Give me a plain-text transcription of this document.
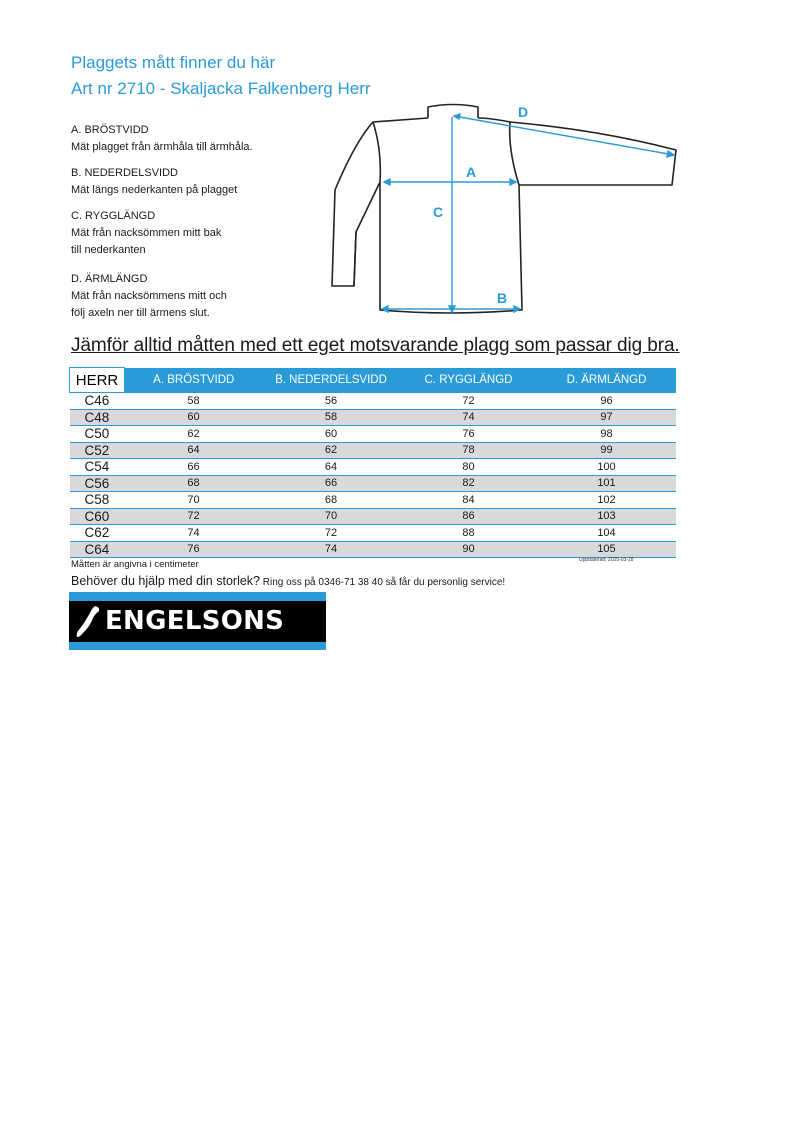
Plaggets mått finner du här
Art nr 2710 - Skaljacka Falkenberg Herr
A. BRÖSTVIDD
Mät plagget från ärmhåla till ärmhåla.
B. NEDERDELSVIDD
Mät längs nederkanten på plagget
C. RYGGLÄNGD
Mät från nacksömmen mitt bak
till nederkanten
D. ÄRMLÄNGD
Mät från nacksömmens mitt och
följ axeln ner till ärmens slut.
A
B
C
D
Jämför alltid måtten med ett eget motsvarande plagg som passar dig bra.
HERR	A. BRÖSTVIDD	B. NEDERDELSVIDD	C. RYGGLÄNGD	D. ÄRMLÄNGD
C46	58	56	72	96
C48	60	58	74	97
C50	62	60	76	98
C52	64	62	78	99
C54	66	64	80	100
C56	68	66	82	101
C58	70	68	84	102
C60	72	70	86	103
C62	74	72	88	104
C64	76	74	90	105
Måtten är angivna i centimeter	Uppdaterad: 2025-03-18
Behöver du hjälp med din storlek? Ring oss på 0346-71 38 40 så får du personlig service!
ENGELSONS
